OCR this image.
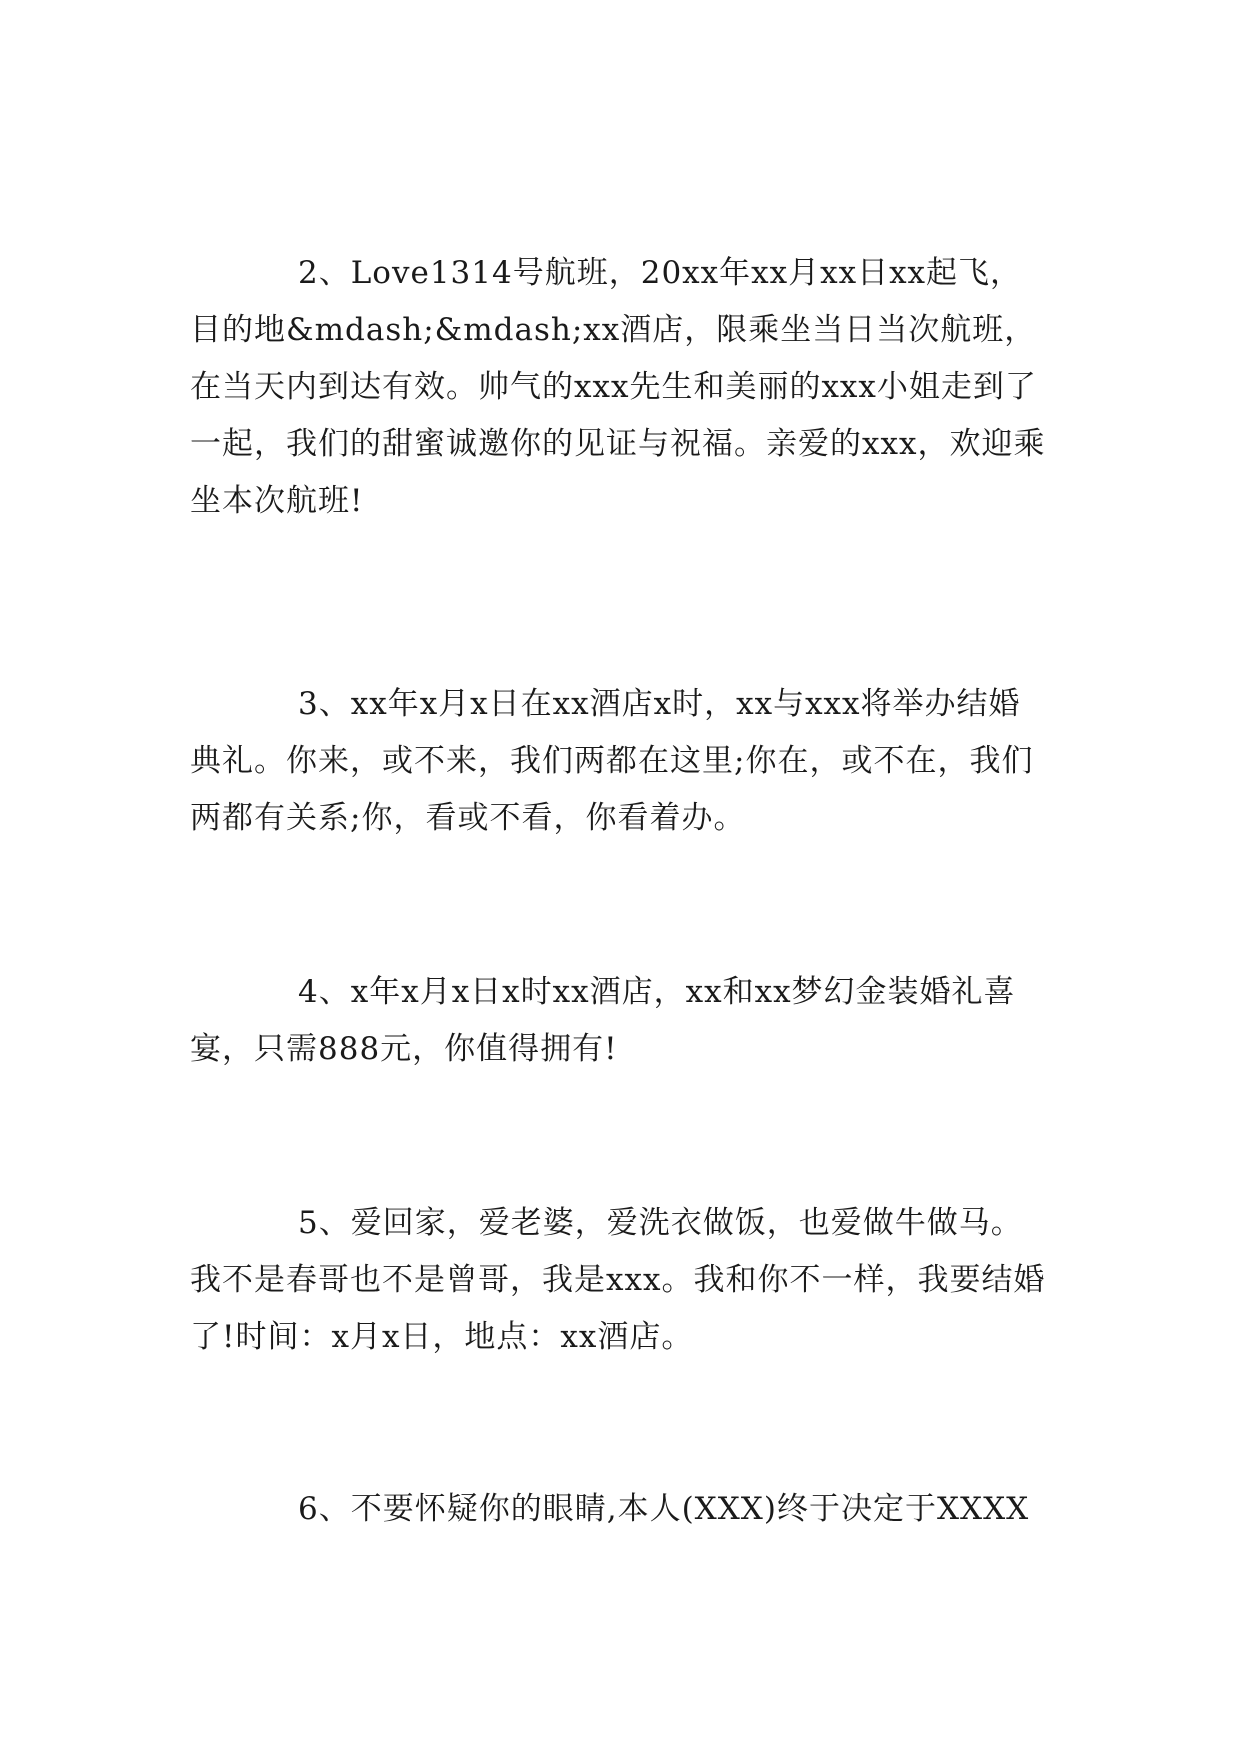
2、Love1314号航班，20xx年xx月xx日xx起飞，目的地&mdash;&mdash;xx酒店，限乘坐当日当次航班，在当天内到达有效。帅气的xxx先生和美丽的xxx小姐走到了一起，我们的甜蜜诚邀你的见证与祝福。亲爱的xxx，欢迎乘坐本次航班!

3、xx年x月x日在xx酒店x时，xx与xxx将举办结婚典礼。你来，或不来，我们两都在这里;你在，或不在，我们两都有关系;你，看或不看，你看着办。

4、x年x月x日x时xx酒店，xx和xx梦幻金装婚礼喜宴，只需888元，你值得拥有!

5、爱回家，爱老婆，爱洗衣做饭，也爱做牛做马。我不是春哥也不是曾哥，我是xxx。我和你不一样，我要结婚了!时间：x月x日，地点：xx酒店。

6、不要怀疑你的眼睛,本人(XXX)终于决定于XXXX
